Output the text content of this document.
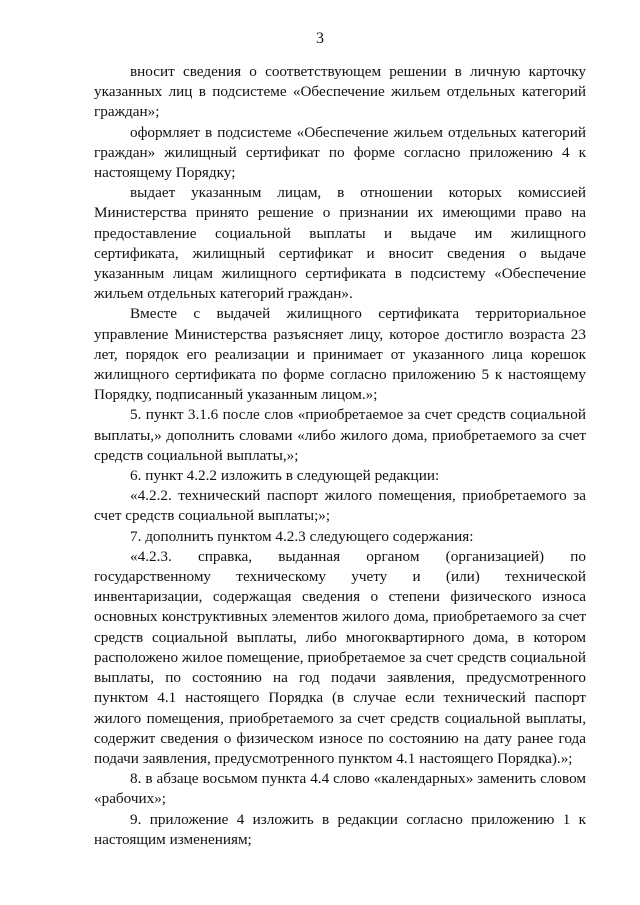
3

вносит сведения о соответствующем решении в личную карточку указанных лиц в подсистеме «Обеспечение жильем отдельных категорий граждан»;

оформляет в подсистеме «Обеспечение жильем отдельных категорий граждан» жилищный сертификат по форме согласно приложению 4 к настоящему Порядку;

выдает указанным лицам, в отношении которых комиссией Министерства принято решение о признании их имеющими право на предоставление социальной выплаты и выдаче им жилищного сертификата, жилищный сертификат и вносит сведения о выдаче указанным лицам жилищного сертификата в подсистему «Обеспечение жильем отдельных категорий граждан».

Вместе с выдачей жилищного сертификата территориальное управление Министерства разъясняет лицу, которое достигло возраста 23 лет, порядок его реализации и принимает от указанного лица корешок жилищного сертификата по форме согласно приложению 5 к настоящему Порядку, подписанный указанным лицом.»;

5. пункт 3.1.6 после слов «приобретаемое за счет средств социальной выплаты,» дополнить словами «либо жилого дома, приобретаемого за счет средств социальной выплаты,»;

6. пункт 4.2.2 изложить в следующей редакции:

«4.2.2. технический паспорт жилого помещения, приобретаемого за счет средств социальной выплаты;»;

7. дополнить пунктом 4.2.3 следующего содержания:

«4.2.3. справка, выданная органом (организацией) по государственному техническому учету и (или) технической инвентаризации, содержащая сведения о степени физического износа основных конструктивных элементов жилого дома, приобретаемого за счет средств социальной выплаты, либо многоквартирного дома, в котором расположено жилое помещение, приобретаемое за счет средств социальной выплаты, по состоянию на год подачи заявления, предусмотренного пунктом 4.1 настоящего Порядка (в случае если технический паспорт жилого помещения, приобретаемого за счет средств социальной выплаты, содержит сведения о физическом износе по состоянию на дату ранее года подачи заявления, предусмотренного пунктом 4.1 настоящего Порядка).»;

8. в абзаце восьмом пункта 4.4 слово «календарных» заменить словом «рабочих»;

9. приложение 4 изложить в редакции согласно приложению 1 к настоящим изменениям;
